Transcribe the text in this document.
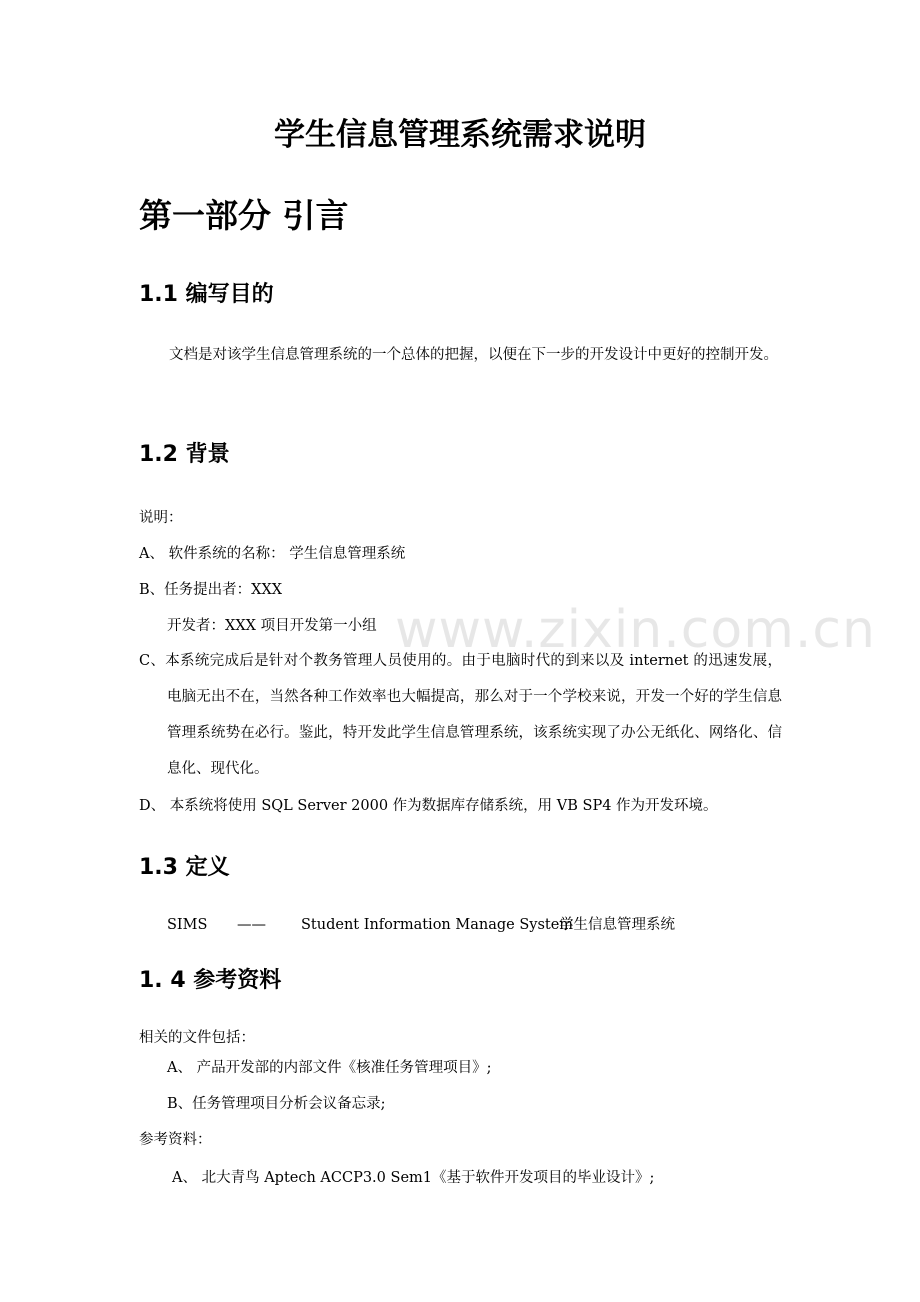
学生信息管理系统需求说明
第一部分 引言
1.1 编写目的
文档是对该学生信息管理系统的一个总体的把握，以便在下一步的开发设计中更好的控制开发。
1.2 背景
说明：
A、 软件系统的名称： 学生信息管理系统
B、任务提出者：XXX
开发者：XXX 项目开发第一小组
C、本系统完成后是针对个教务管理人员使用的。由于电脑时代的到来以及 internet 的迅速发展，电脑无出不在，当然各种工作效率也大幅提高，那么对于一个学校来说，开发一个好的学生信息管理系统势在必行。鉴此，特开发此学生信息管理系统，该系统实现了办公无纸化、网络化、信息化、现代化。
D、 本系统将使用 SQL Server 2000 作为数据库存储系统，用 VB SP4 作为开发环境。
www.zixin.com.cn
1.3 定义
SIMS —— Student Information Manage System学生信息管理系统
1. 4 参考资料
相关的文件包括：
A、 产品开发部的内部文件《核准任务管理项目》;
B、任务管理项目分析会议备忘录;
参考资料：
A、 北大青鸟 Aptech ACCP3.0 Sem1《基于软件开发项目的毕业设计》;
